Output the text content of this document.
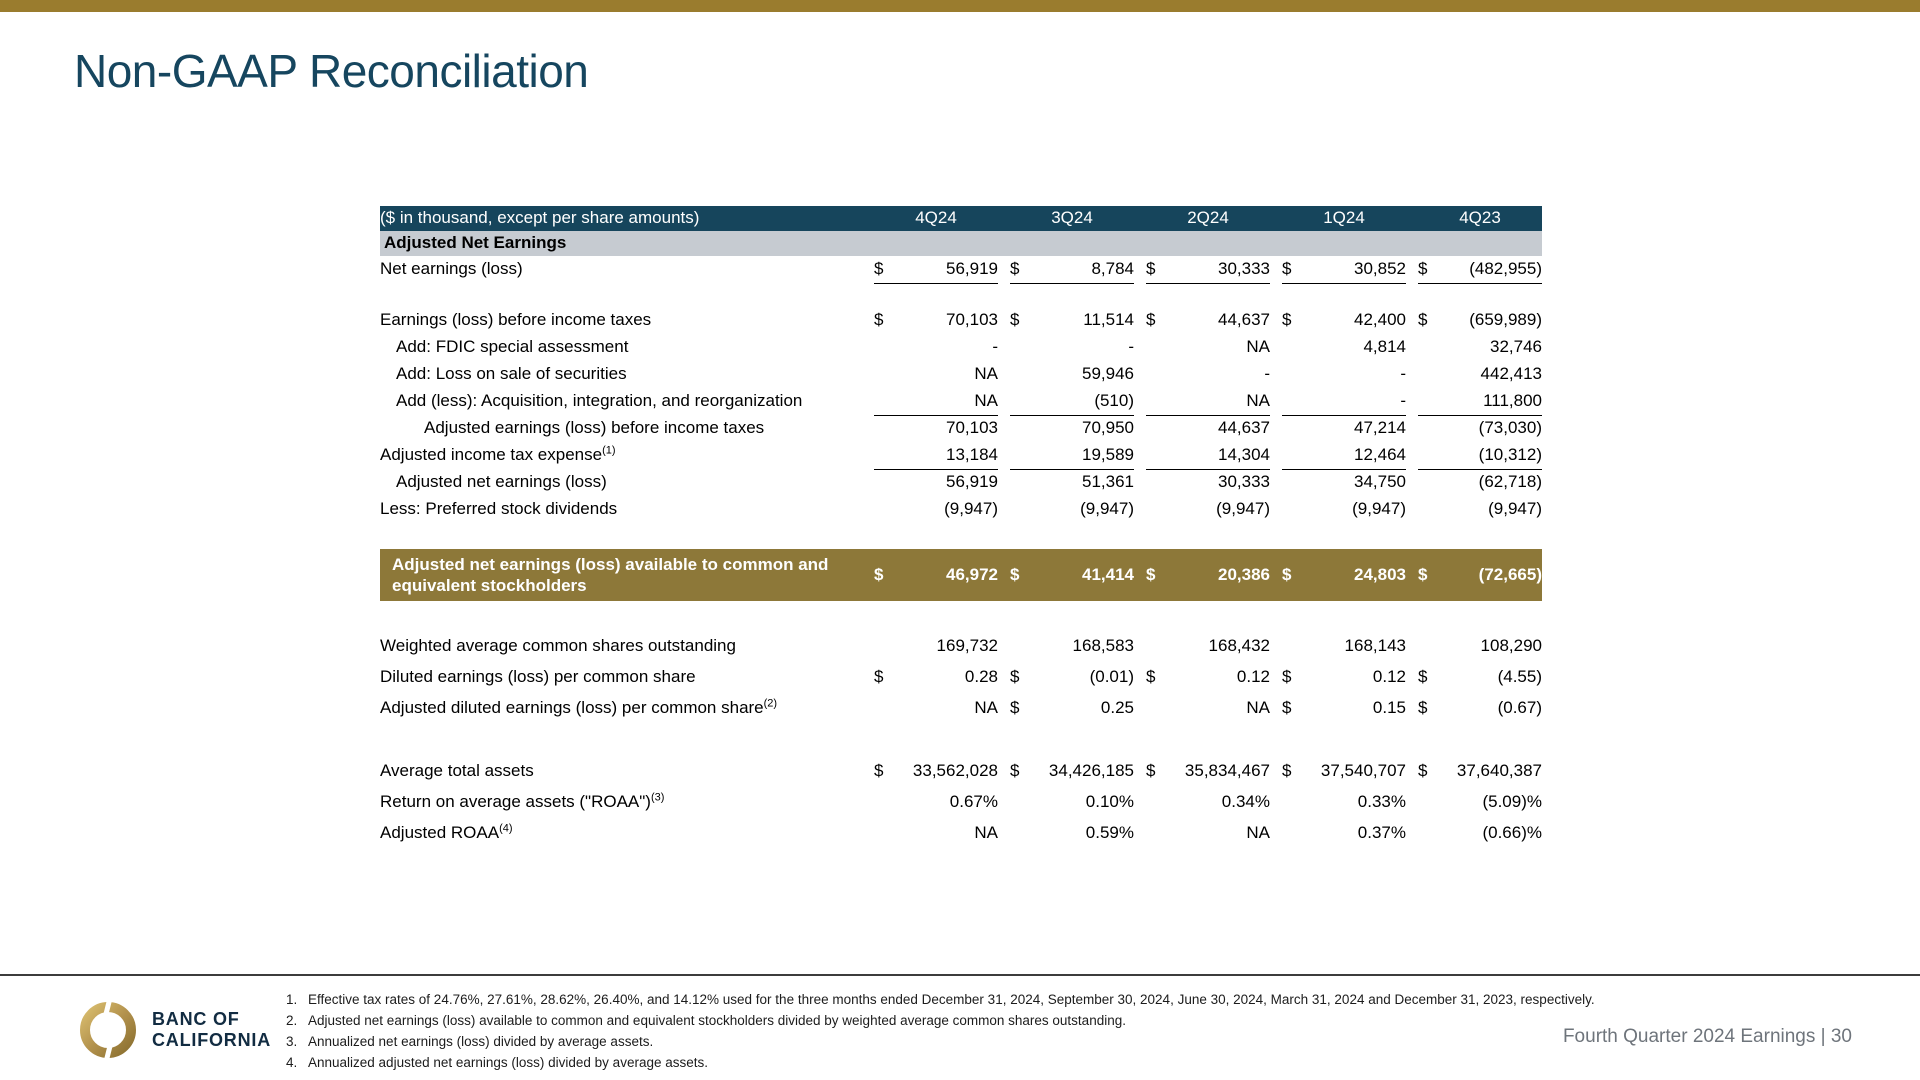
Non-GAAP Reconciliation
($ in thousand, except per share amounts)	4Q24			3Q24			2Q24			1Q24			4Q23	
Adjusted Net Earnings														
Net earnings (loss)	$	56,919		$	8,784		$	30,333		$	30,852		$	(482,955)

Earnings (loss) before income taxes	$	70,103		$	11,514		$	44,637		$	42,400		$	(659,989)
Add: FDIC special assessment		-			-			NA			4,814			32,746
Add: Loss on sale of securities		NA			59,946			-			-			442,413
Add (less): Acquisition, integration, and reorganization		NA			(510)			NA			-			111,800
Adjusted earnings (loss) before income taxes		70,103			70,950			44,637			47,214			(73,030)
Adjusted income tax expense$^{(1)}$		13,184			19,589			14,304			12,464			(10,312)
Adjusted net earnings (loss)		56,919			51,361			30,333			34,750			(62,718)
Less: Preferred stock dividends		(9,947)			(9,947)			(9,947)			(9,947)			(9,947)

Adjusted net earnings (loss) available to common and equivalent stockholders	$	46,972		$	41,414		$	20,386		$	24,803		$	(72,665)

Weighted average common shares outstanding		169,732			168,583			168,432			168,143			108,290
Diluted earnings (loss) per common share	$	0.28		$	(0.01)		$	0.12		$	0.12		$	(4.55)
Adjusted diluted earnings (loss) per common share$^{(2)}$		NA		$	0.25			NA		$	0.15		$	(0.67)

Average total assets	$	33,562,028		$	34,426,185		$	35,834,467		$	37,540,707		$	37,640,387
Return on average assets ("ROAA")$^{(3)}$		0.67%			0.10%			0.34%			0.33%			(5.09)%
Adjusted ROAA$^{(4)}$		NA			0.59%			NA			0.37%			(0.66)%
BANC OF
CALIFORNIA
1. Effective tax rates of 24.76%, 27.61%, 28.62%, 26.40%, and 14.12% used for the three months ended December 31, 2024, September 30, 2024, June 30, 2024, March 31, 2024 and December 31, 2023, respectively.
2. Adjusted net earnings (loss) available to common and equivalent stockholders divided by weighted average common shares outstanding.
3. Annualized net earnings (loss) divided by average assets.
4. Annualized adjusted net earnings (loss) divided by average assets.
Fourth Quarter 2024 Earnings | 30
